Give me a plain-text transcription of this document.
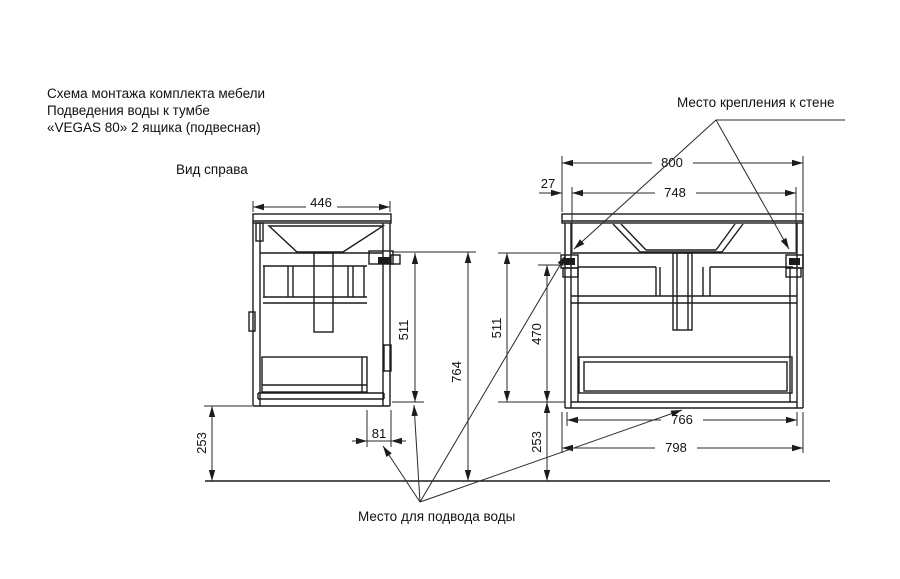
Схема монтажа комплекта мебели
Подведения воды к тумбе
«VEGAS 80» 2 ящика (подвесная)
Вид справа
446
511
764
253	81
800
748
27
511 470
253
766
798
Место крепления к стене
Место для подвода воды
